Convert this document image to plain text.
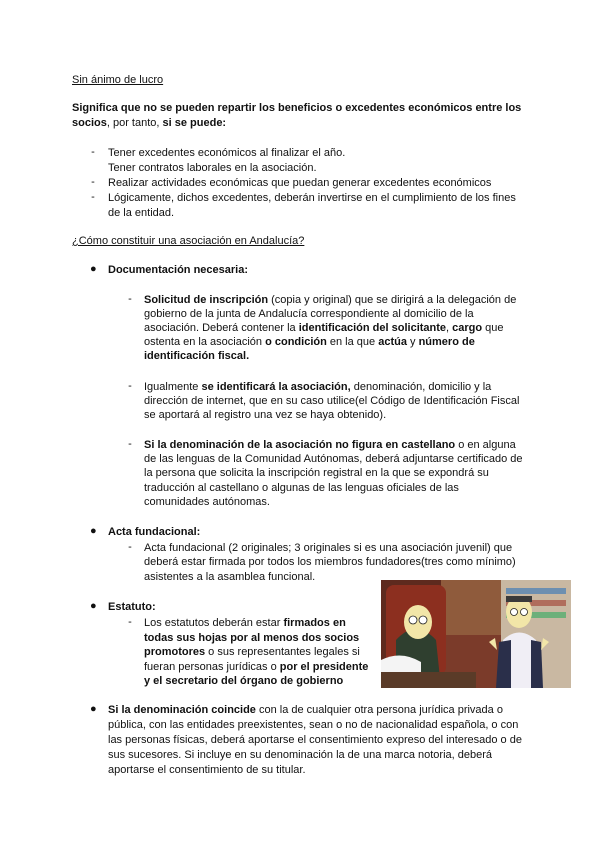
Sin ánimo de lucro
Significa que no se pueden repartir los beneficios o excedentes económicos entre los
socios, por tanto, si se puede:
- Tener excedentes económicos al finalizar el año.
Tener contratos laborales en la asociación.
- Realizar actividades económicas que puedan generar excedentes económicos
- Lógicamente, dichos excedentes, deberán invertirse en el cumplimiento de los fines
de la entidad.
¿Cómo constituir una asociación en Andalucía?
● Documentación necesaria:
- Solicitud de inscripción (copia y original) que se dirigirá a la delegación de
gobierno de la junta de Andalucía correspondiente al domicilio de la
asociación. Deberá contener la identificación del solicitante, cargo que
ostenta en la asociación o condición en la que actúa y número de
identificación fiscal.
- Igualmente se identificará la asociación, denominación, domicilio y la
dirección de internet, que en su caso utilice(el Código de Identificación Fiscal
se aportará al registro una vez se haya obtenido).
- Si la denominación de la asociación no figura en castellano o en alguna
de las lenguas de la Comunidad Autónomas, deberá adjuntarse certificado de
la persona que solicita la inscripción registral en la que se expondrá su
traducción al castellano o algunas de las lenguas oficiales de las
comunidades autónomas.
● Acta fundacional:
- Acta fundacional (2 originales; 3 originales si es una asociación juvenil) que
deberá estar firmada por todos los miembros fundadores(tres como mínimo)
asistentes a la asamblea funcional.
● Estatuto:
- Los estatutos deberán estar firmados en
todas sus hojas por al menos dos socios
promotores o sus representantes legales si
fueran personas jurídicas o por el presidente
y el secretario del órgano de gobierno
● Si la denominación coincide con la de cualquier otra persona jurídica privada o
pública, con las entidades preexistentes, sean o no de nacionalidad española, o con
las personas físicas, deberá aportarse el consentimiento expreso del interesado o de
sus sucesores. Si incluye en su denominación la de una marca notoria, deberá
aportarse el consentimiento de su titular.
